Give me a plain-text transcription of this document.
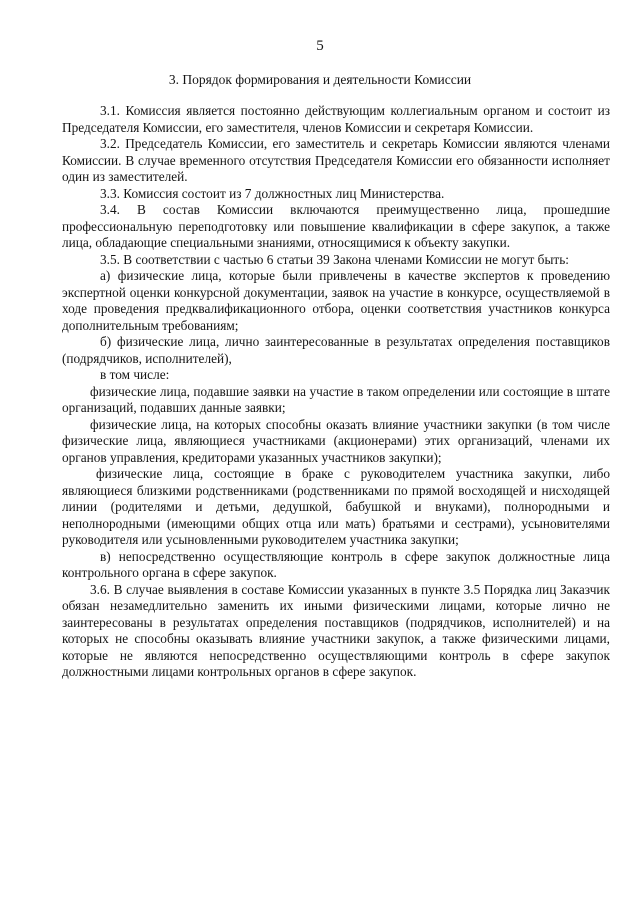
5
3. Порядок формирования и деятельности Комиссии

3.1. Комиссия является постоянно действующим коллегиальным органом и состоит из Председателя Комиссии, его заместителя, членов Комиссии и секретаря Комиссии.

3.2. Председатель Комиссии, его заместитель и секретарь Комиссии являются членами Комиссии. В случае временного отсутствия Председателя Комиссии его обязанности исполняет один из заместителей.

3.3. Комиссия состоит из 7 должностных лиц Министерства.

3.4. В состав Комиссии включаются преимущественно лица, прошедшие профессиональную переподготовку или повышение квалификации в сфере закупок, а также лица, обладающие специальными знаниями, относящимися к объекту закупки.

3.5. В соответствии с частью 6 статьи 39 Закона членами Комиссии не могут быть:

а) физические лица, которые были привлечены в качестве экспертов к проведению экспертной оценки конкурсной документации, заявок на участие в конкурсе, осуществляемой в ходе проведения предквалификационного отбора, оценки соответствия участников конкурса дополнительным требованиям;

б) физические лица, лично заинтересованные в результатах определения поставщиков (подрядчиков, исполнителей),

в том числе:

физические лица, подавшие заявки на участие в таком определении или состоящие в штате организаций, подавших данные заявки;

физические лица, на которых способны оказать влияние участники закупки (в том числе физические лица, являющиеся участниками (акционерами) этих организаций, членами их органов управления, кредиторами указанных участников закупки);

физические лица, состоящие в браке с руководителем участника закупки, либо являющиеся близкими родственниками (родственниками по прямой восходящей и нисходящей линии (родителями и детьми, дедушкой, бабушкой и внуками), полнородными и неполнородными (имеющими общих отца или мать) братьями и сестрами), усыновителями руководителя или усыновленными руководителем участника закупки;

в) непосредственно осуществляющие контроль в сфере закупок должностные лица контрольного органа в сфере закупок.

3.6. В случае выявления в составе Комиссии указанных в пункте 3.5 Порядка лиц Заказчик обязан незамедлительно заменить их иными физическими лицами, которые лично не заинтересованы в результатах определения поставщиков (подрядчиков, исполнителей) и на которых не способны оказывать влияние участники закупок, а также физическими лицами, которые не являются непосредственно осуществляющими контроль в сфере закупок должностными лицами контрольных органов в сфере закупок.
